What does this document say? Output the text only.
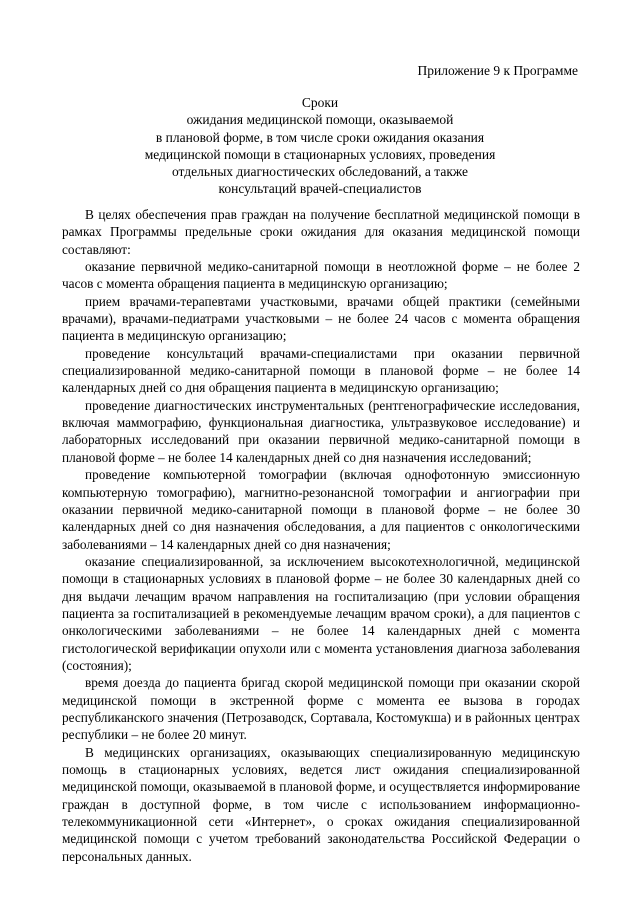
Приложение 9 к Программе
Сроки
ожидания медицинской помощи, оказываемой
в плановой форме, в том числе сроки ожидания оказания
медицинской помощи в стационарных условиях, проведения
отдельных диагностических обследований, а также
консультаций врачей-специалистов

В целях обеспечения прав граждан на получение бесплатной медицинской помощи в рамках Программы предельные сроки ожидания для оказания медицинской помощи составляют:

оказание первичной медико-санитарной помощи в неотложной форме – не более 2 часов с момента обращения пациента в медицинскую организацию;

прием врачами-терапевтами участковыми, врачами общей практики (семейными врачами), врачами-педиатрами участковыми – не более 24 часов с момента обращения пациента в медицинскую организацию;

проведение консультаций врачами-специалистами при оказании первичной специализированной медико-санитарной помощи в плановой форме – не более 14 календарных дней со дня обращения пациента в медицинскую организацию;

проведение диагностических инструментальных (рентгенографические исследования, включая маммографию, функциональная диагностика, ультразвуковое исследование) и лабораторных исследований при оказании первичной медико-санитарной помощи в плановой форме – не более 14 календарных дней со дня назначения исследований;

проведение компьютерной томографии (включая однофотонную эмиссионную компьютерную томографию), магнитно-резонансной томографии и ангиографии при оказании первичной медико-санитарной помощи в плановой форме – не более 30 календарных дней со дня назначения обследования, а для пациентов с онкологическими заболеваниями – 14 календарных дней со дня назначения;

оказание специализированной, за исключением высокотехнологичной, медицинской помощи в стационарных условиях в плановой форме – не более 30 календарных дней со дня выдачи лечащим врачом направления на госпитализацию (при условии обращения пациента за госпитализацией в рекомендуемые лечащим врачом сроки), а для пациентов с онкологическими заболеваниями – не более 14 календарных дней с момента гистологической верификации опухоли или с момента установления диагноза заболевания (состояния);

время доезда до пациента бригад скорой медицинской помощи при оказании скорой медицинской помощи в экстренной форме с момента ее вызова в городах республиканского значения (Петрозаводск, Сортавала, Костомукша) и в районных центрах республики – не более 20 минут.

В медицинских организациях, оказывающих специализированную медицинскую помощь в стационарных условиях, ведется лист ожидания специализированной медицинской помощи, оказываемой в плановой форме, и осуществляется информирование граждан в доступной форме, в том числе с использованием информационно-телекоммуникационной сети «Интернет», о сроках ожидания специализированной медицинской помощи с учетом требований законодательства Российской Федерации о персональных данных.
